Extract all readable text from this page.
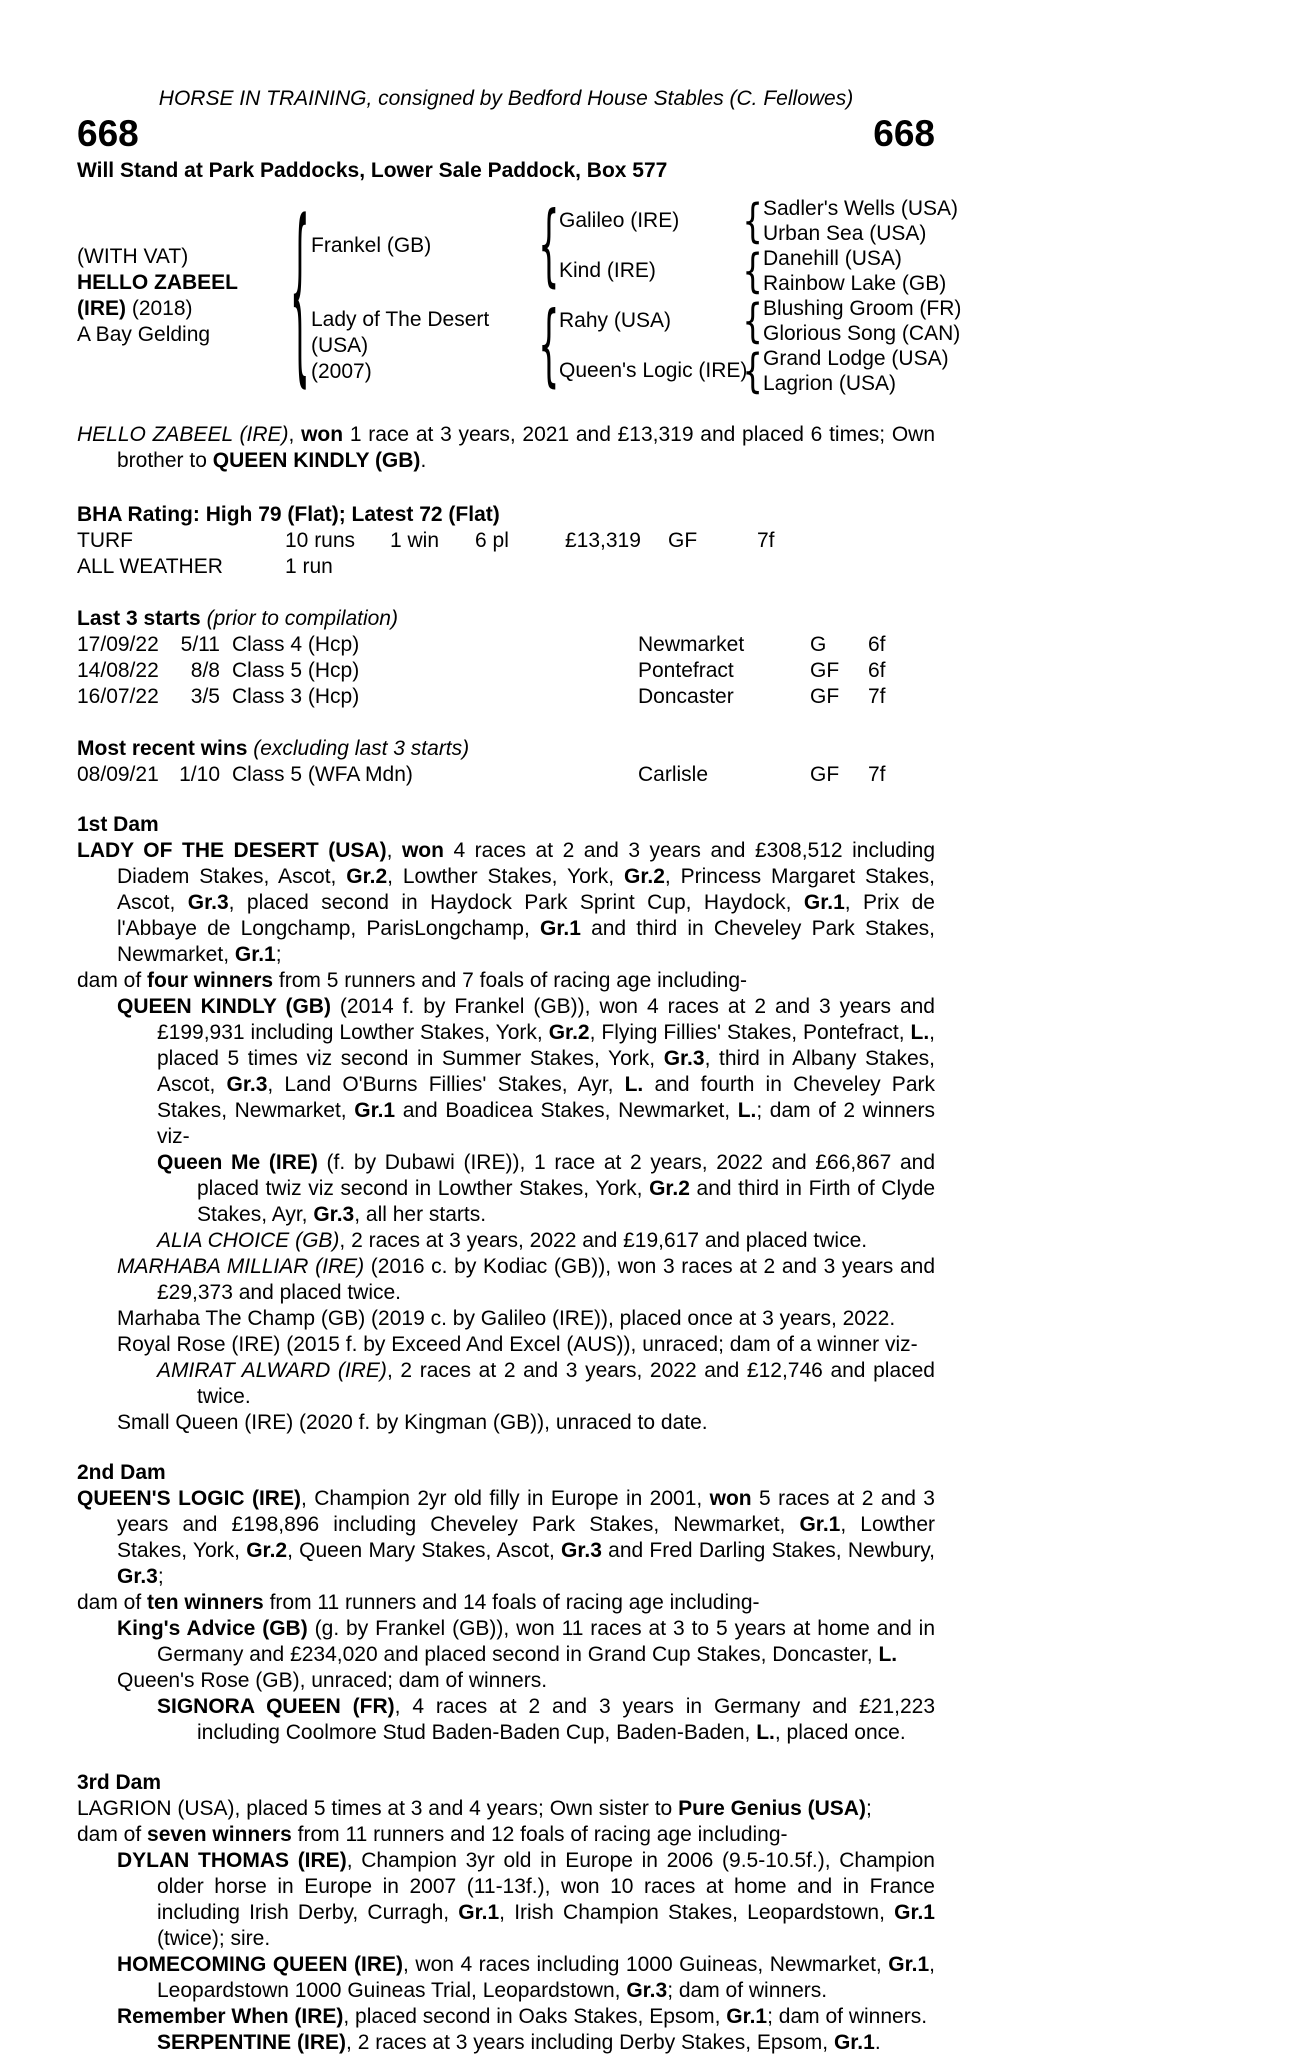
HORSE IN TRAINING, consigned by Bedford House Stables (C. Fellowes)
668	668
Will Stand at Park Paddocks, Lower Sale Paddock, Box 577
(WITH VAT)
HELLO ZABEEL
(IRE) (2018)
A Bay Gelding
{
Frankel (GB)
Lady of The Desert (USA)
(2007)
{
{
Galileo (IRE)
Kind (IRE)
Rahy (USA)
Queen's Logic (IRE)
{
{
{
{
Sadler's Wells (USA)
Urban Sea (USA)
Danehill (USA)
Rainbow Lake (GB)
Blushing Groom (FR)
Glorious Song (CAN)
Grand Lodge (USA)
Lagrion (USA)

HELLO ZABEEL (IRE), won 1 race at 3 years, 2021 and £13,319 and placed 6 times; Own brother to QUEEN KINDLY (GB).

BHA Rating: High 79 (Flat); Latest 72 (Flat)
TURF	10 runs	1 win	6 pl	£13,319	GF	7f
ALL WEATHER	1 run
Last 3 starts (prior to compilation)
17/09/22	5/11 Class 4 (Hcp)	Newmarket	G	6f
14/08/22	8/8 Class 5 (Hcp)	Pontefract	GF	6f
16/07/22	3/5 Class 3 (Hcp)	Doncaster	GF	7f
Most recent wins (excluding last 3 starts)
08/09/21 1/10 Class 5 (WFA Mdn)	Carlisle	GF	7f
1st Dam

LADY OF THE DESERT (USA), won 4 races at 2 and 3 years and £308,512 including Diadem Stakes, Ascot, Gr.2, Lowther Stakes, York, Gr.2, Princess Margaret Stakes, Ascot, Gr.3, placed second in Haydock Park Sprint Cup, Haydock, Gr.1, Prix de l'Abbaye de Longchamp, ParisLongchamp, Gr.1 and third in Cheveley Park Stakes, Newmarket, Gr.1;

dam of four winners from 5 runners and 7 foals of racing age including-

QUEEN KINDLY (GB) (2014 f. by Frankel (GB)), won 4 races at 2 and 3 years and £199,931 including Lowther Stakes, York, Gr.2, Flying Fillies' Stakes, Pontefract, L., placed 5 times viz second in Summer Stakes, York, Gr.3, third in Albany Stakes, Ascot, Gr.3, Land O'Burns Fillies' Stakes, Ayr, L. and fourth in Cheveley Park Stakes, Newmarket, Gr.1 and Boadicea Stakes, Newmarket, L.; dam of 2 winners viz-

Queen Me (IRE) (f. by Dubawi (IRE)), 1 race at 2 years, 2022 and £66,867 and placed twiz viz second in Lowther Stakes, York, Gr.2 and third in Firth of Clyde Stakes, Ayr, Gr.3, all her starts.

ALIA CHOICE (GB), 2 races at 3 years, 2022 and £19,617 and placed twice.

MARHABA MILLIAR (IRE) (2016 c. by Kodiac (GB)), won 3 races at 2 and 3 years and £29,373 and placed twice.

Marhaba The Champ (GB) (2019 c. by Galileo (IRE)), placed once at 3 years, 2022.

Royal Rose (IRE) (2015 f. by Exceed And Excel (AUS)), unraced; dam of a winner viz-

AMIRAT ALWARD (IRE), 2 races at 2 and 3 years, 2022 and £12,746 and placed twice.

Small Queen (IRE) (2020 f. by Kingman (GB)), unraced to date.

2nd Dam

QUEEN'S LOGIC (IRE), Champion 2yr old filly in Europe in 2001, won 5 races at 2 and 3 years and £198,896 including Cheveley Park Stakes, Newmarket, Gr.1, Lowther Stakes, York, Gr.2, Queen Mary Stakes, Ascot, Gr.3 and Fred Darling Stakes, Newbury, Gr.3;

dam of ten winners from 11 runners and 14 foals of racing age including-

King's Advice (GB) (g. by Frankel (GB)), won 11 races at 3 to 5 years at home and in Germany and £234,020 and placed second in Grand Cup Stakes, Doncaster, L.

Queen's Rose (GB), unraced; dam of winners.

SIGNORA QUEEN (FR), 4 races at 2 and 3 years in Germany and £21,223 including Coolmore Stud Baden-Baden Cup, Baden-Baden, L., placed once.

3rd Dam

LAGRION (USA), placed 5 times at 3 and 4 years; Own sister to Pure Genius (USA);

dam of seven winners from 11 runners and 12 foals of racing age including-

DYLAN THOMAS (IRE), Champion 3yr old in Europe in 2006 (9.5-10.5f.), Champion older horse in Europe in 2007 (11-13f.), won 10 races at home and in France including Irish Derby, Curragh, Gr.1, Irish Champion Stakes, Leopardstown, Gr.1 (twice); sire.

HOMECOMING QUEEN (IRE), won 4 races including 1000 Guineas, Newmarket, Gr.1, Leopardstown 1000 Guineas Trial, Leopardstown, Gr.3; dam of winners.

Remember When (IRE), placed second in Oaks Stakes, Epsom, Gr.1; dam of winners.

SERPENTINE (IRE), 2 races at 3 years including Derby Stakes, Epsom, Gr.1.
